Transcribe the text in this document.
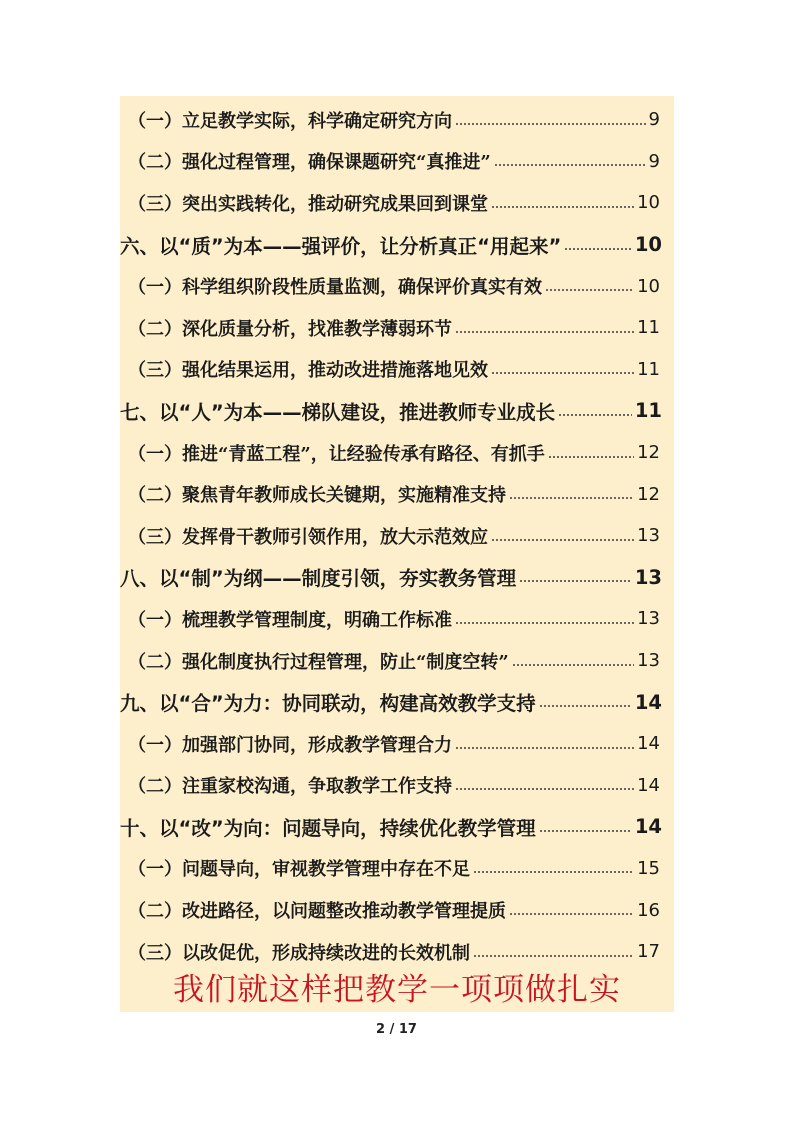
（一）立足教学实际，科学确定研究方向	9
（二）强化过程管理，确保课题研究“真推进”	9
（三）突出实践转化，推动研究成果回到课堂	10
六、以“质”为本——强评价，让分析真正“用起来”	10
（一）科学组织阶段性质量监测，确保评价真实有效	10
（二）深化质量分析，找准教学薄弱环节	11
（三）强化结果运用，推动改进措施落地见效	11
七、以“人”为本——梯队建设，推进教师专业成长	11
（一）推进“青蓝工程”，让经验传承有路径、有抓手	12
（二）聚焦青年教师成长关键期，实施精准支持	12
（三）发挥骨干教师引领作用，放大示范效应	13
八、以“制”为纲——制度引领，夯实教务管理	13
（一）梳理教学管理制度，明确工作标准	13
（二）强化制度执行过程管理，防止“制度空转”	13
九、以“合”为力：协同联动，构建高效教学支持	14
（一）加强部门协同，形成教学管理合力	14
（二）注重家校沟通，争取教学工作支持	14
十、以“改”为向：问题导向，持续优化教学管理	14
（一）问题导向，审视教学管理中存在不足	15
（二）改进路径，以问题整改推动教学管理提质	16
（三）以改促优，形成持续改进的长效机制	17
我们就这样把教学一项项做扎实
2 / 17
